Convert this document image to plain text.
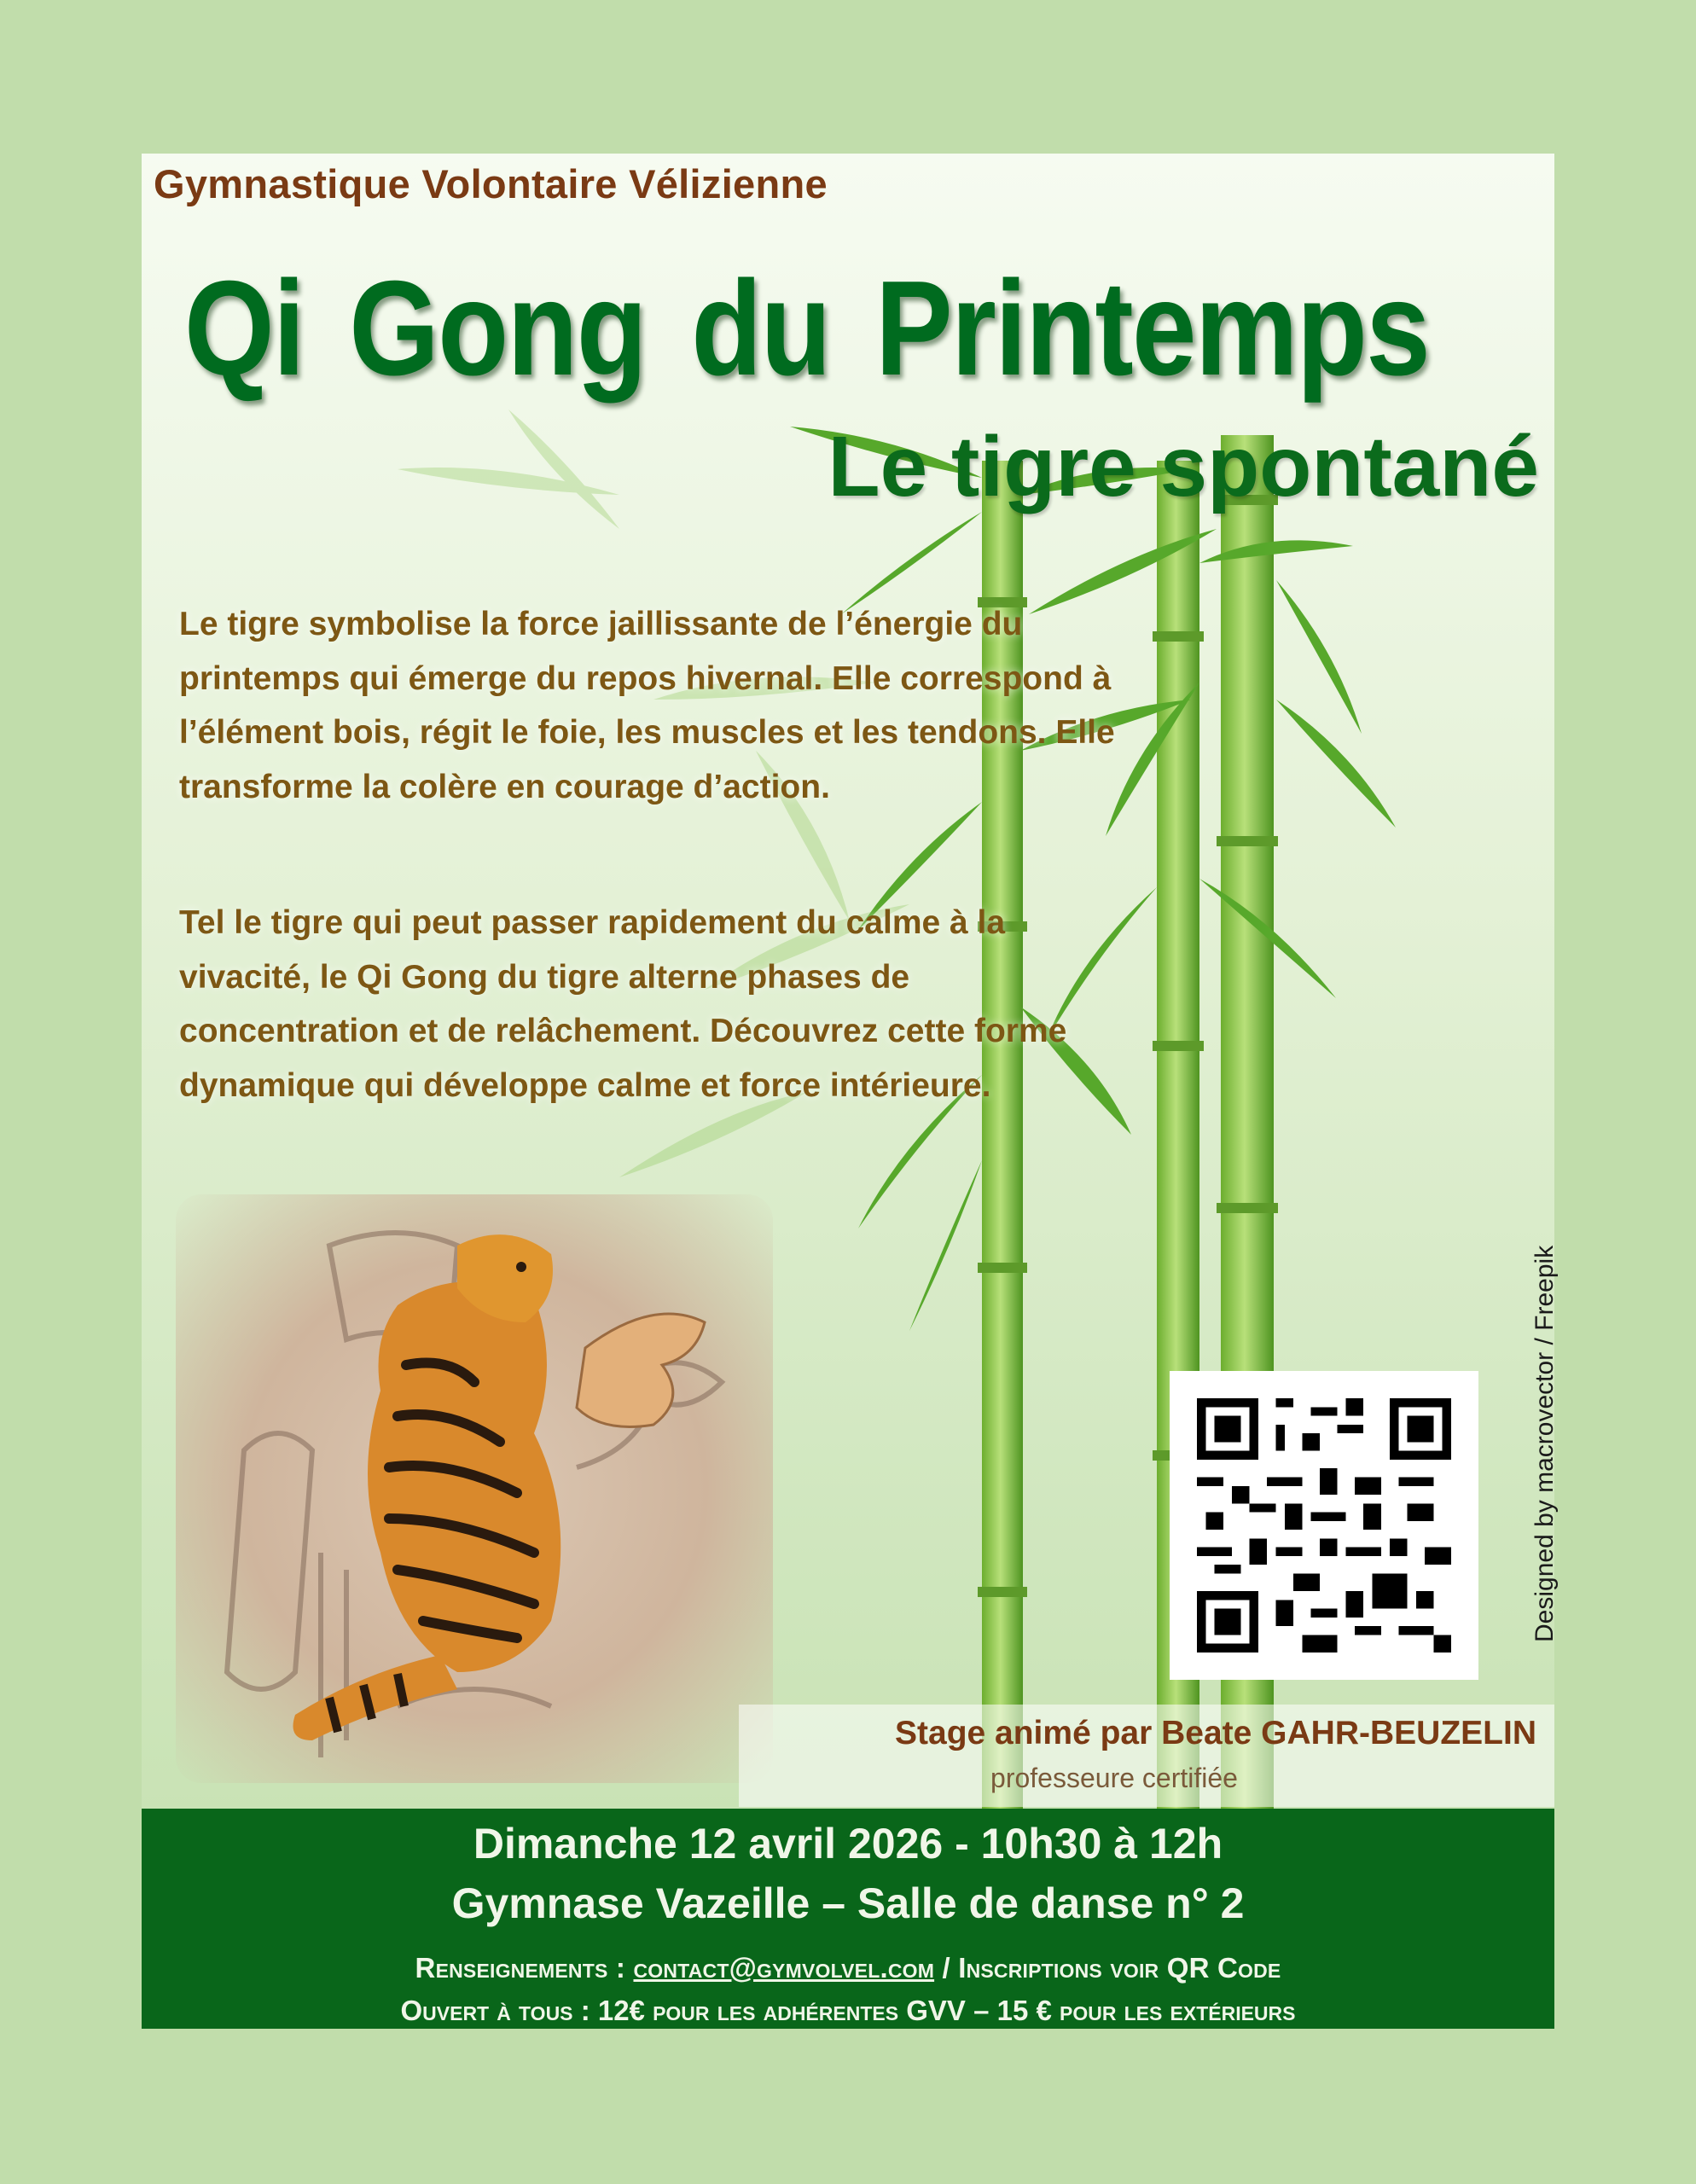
Gymnastique Volontaire Vélizienne
Qi Gong du Printemps
Le tigre spontané

Le tigre symbolise la force jaillissante de l’énergie du printemps qui émerge du repos hivernal. Elle correspond à l’élément bois, régit le foie, les muscles et les tendons. Elle transforme la colère en courage d’action.

Tel le tigre qui peut passer rapidement du calme à la vivacité, le Qi Gong du tigre alterne phases de concentration et de relâchement. Découvrez cette forme dynamique qui développe calme et force intérieure.

Designed by macrovector / Freepik

Stage animé par Beate GAHR-BEUZELIN

professeure certifiée

Dimanche 12 avril 2026 - 10h30 à 12h

Gymnase Vazeille – Salle de danse n° 2

Renseignements : contact@gymvolvel.com / Inscriptions voir QR Code

Ouvert à tous : 12€ pour les adhérentes GVV – 15 € pour les extérieurs
